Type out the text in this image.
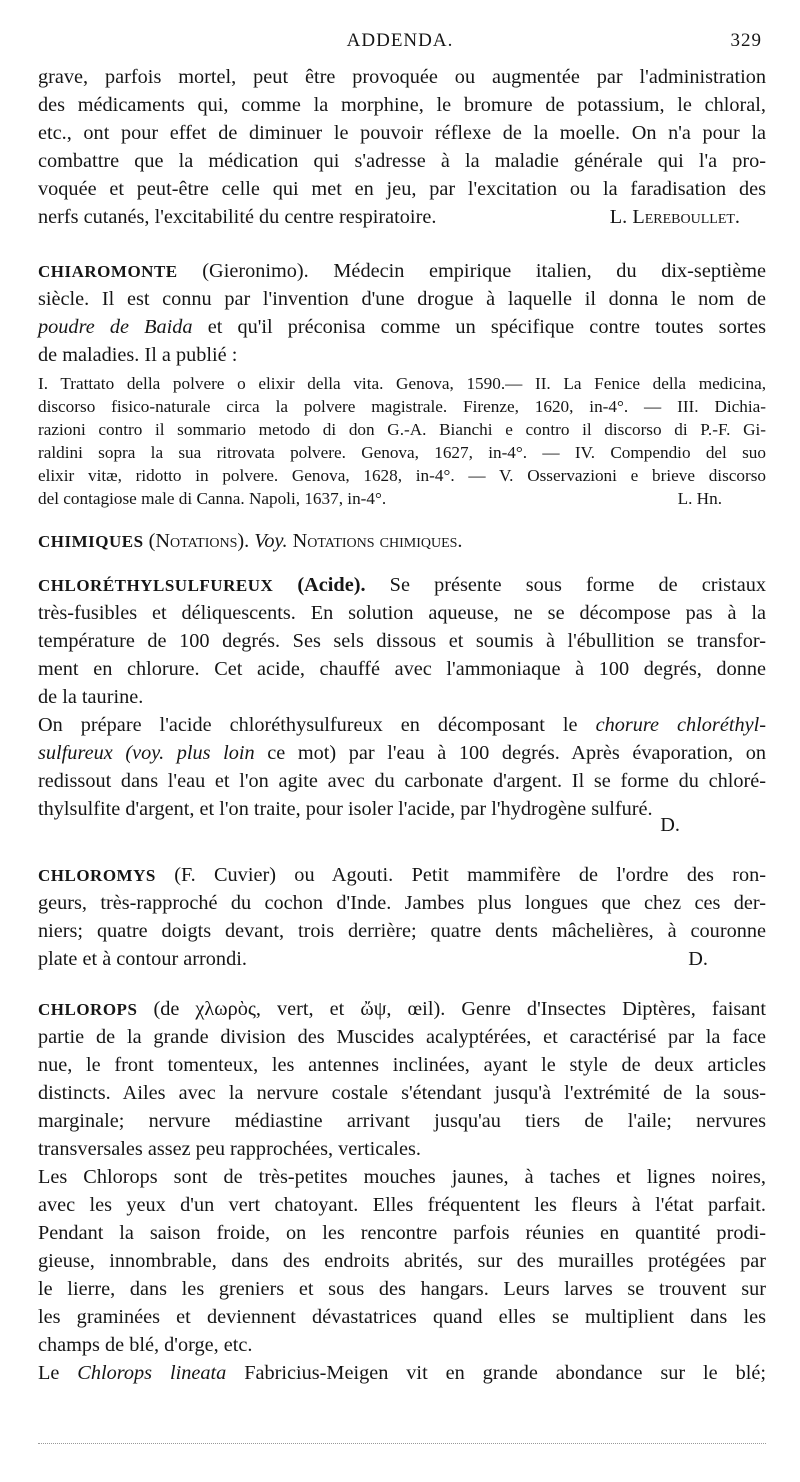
ADDENDA.	329
grave, parfois mortel, peut être provoquée ou augmentée par l'administration
des médicaments qui, comme la morphine, le bromure de potassium, le chloral,
etc., ont pour effet de diminuer le pouvoir réflexe de la moelle. On n'a pour la
combattre que la médication qui s'adresse à la maladie générale qui l'a pro-
voquée et peut-être celle qui met en jeu, par l'excitation ou la faradisation des
nerfs cutanés, l'excitabilité du centre respiratoire.	L. Lereboullet.
CHIAROMONTE (Gieronimo). Médecin empirique italien, du dix-septième
siècle. Il est connu par l'invention d'une drogue à laquelle il donna le nom de
poudre de Baida et qu'il préconisa comme un spécifique contre toutes sortes
de maladies. Il a publié :
I. Trattato della polvere o elixir della vita. Genova, 1590.— II. La Fenice della medicina,
discorso fisico-naturale circa la polvere magistrale. Firenze, 1620, in-4°. — III. Dichia-
razioni contro il sommario metodo di don G.-A. Bianchi e contro il discorso di P.-F. Gi-
raldini sopra la sua ritrovata polvere. Genova, 1627, in-4°. — IV. Compendio del suo
elixir vitæ, ridotto in polvere. Genova, 1628, in-4°. — V. Osservazioni e brieve discorso
del contagiose male di Canna. Napoli, 1637, in-4°.	L. Hn.
CHIMIQUES (Notations). Voy. Notations chimiques.
CHLORÉTHYLSULFUREUX (Acide). Se présente sous forme de cristaux
très-fusibles et déliquescents. En solution aqueuse, ne se décompose pas à la
température de 100 degrés. Ses sels dissous et soumis à l'ébullition se transfor-
ment en chlorure. Cet acide, chauffé avec l'ammoniaque à 100 degrés, donne
de la taurine.
On prépare l'acide chloréthysulfureux en décomposant le chorure chloréthyl-
sulfureux (voy. plus loin ce mot) par l'eau à 100 degrés. Après évaporation, on
redissout dans l'eau et l'on agite avec du carbonate d'argent. Il se forme du chloré-
thylsulfite d'argent, et l'on traite, pour isoler l'acide, par l'hydrogène sulfuré.
D.
CHLOROMYS (F. Cuvier) ou Agouti. Petit mammifère de l'ordre des ron-
geurs, très-rapproché du cochon d'Inde. Jambes plus longues que chez ces der-
niers; quatre doigts devant, trois derrière; quatre dents mâchelières, à couronne
plate et à contour arrondi.	D.
CHLOROPS (de χλωρὸς, vert, et ὤψ, œil). Genre d'Insectes Diptères, faisant
partie de la grande division des Muscides acalyptérées, et caractérisé par la face
nue, le front tomenteux, les antennes inclinées, ayant le style de deux articles
distincts. Ailes avec la nervure costale s'étendant jusqu'à l'extrémité de la sous-
marginale; nervure médiastine arrivant jusqu'au tiers de l'aile; nervures
transversales assez peu rapprochées, verticales.
Les Chlorops sont de très-petites mouches jaunes, à taches et lignes noires,
avec les yeux d'un vert chatoyant. Elles fréquentent les fleurs à l'état parfait.
Pendant la saison froide, on les rencontre parfois réunies en quantité prodi-
gieuse, innombrable, dans des endroits abrités, sur des murailles protégées par
le lierre, dans les greniers et sous des hangars. Leurs larves se trouvent sur
les graminées et deviennent dévastatrices quand elles se multiplient dans les
champs de blé, d'orge, etc.
Le Chlorops lineata Fabricius-Meigen vit en grande abondance sur le blé;
